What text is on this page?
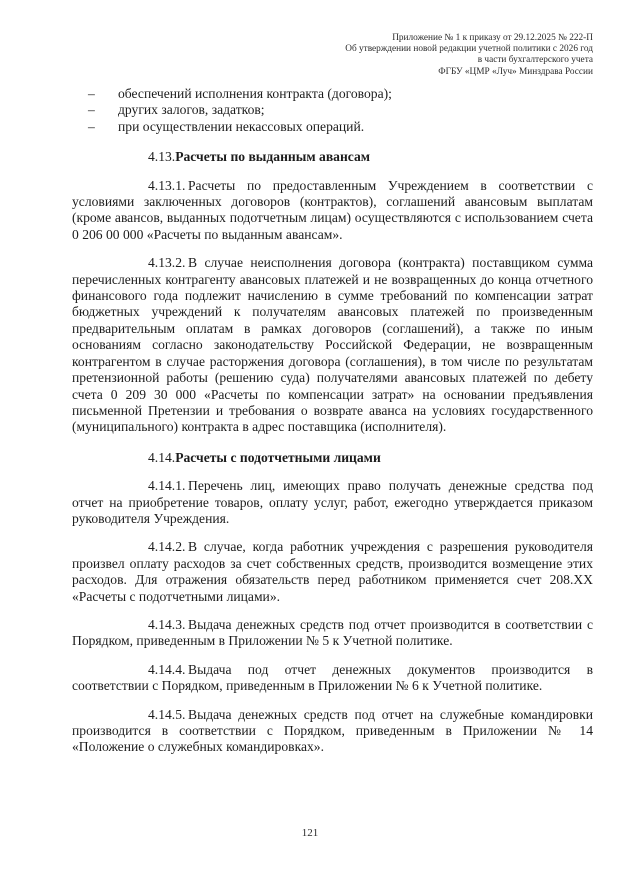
Приложение № 1 к приказу от 29.12.2025 № 222-П
Об утверждении новой редакции учетной политики с 2026 год
в части бухгалтерского учета
ФГБУ «ЦМР «Луч» Минздрава России
–	обеспечений исполнения контракта (договора);
–	других залогов, задатков;
–	при осуществлении некассовых операций.
4.13.Расчеты по выданным авансам

4.13.1. Расчеты по предоставленным Учреждением в соответствии с условиями заключенных договоров (контрактов), соглашений авансовым выплатам (кроме авансов, выданных подотчетным лицам) осуществляются с использованием счета 0 206 00 000 «Расчеты по выданным авансам».

4.13.2. В случае неисполнения договора (контракта) поставщиком сумма перечисленных контрагенту авансовых платежей и не возвращенных до конца отчетного финансового года подлежит начислению в сумме требований по компенсации затрат бюджетных учреждений к получателям авансовых платежей по произведенным предварительным оплатам в рамках договоров (соглашений), а также по иным основаниям согласно законодательству Российской Федерации, не возвращенным контрагентом в случае расторжения договора (соглашения), в том числе по результатам претензионной работы (решению суда) получателями авансовых платежей по дебету счета 0 209 30 000 «Расчеты по компенсации затрат» на основании предъявления письменной Претензии и требования о возврате аванса на условиях государственного (муниципального) контракта в адрес поставщика (исполнителя).

4.14.Расчеты с подотчетными лицами

4.14.1. Перечень лиц, имеющих право получать денежные средства под отчет на приобретение товаров, оплату услуг, работ, ежегодно утверждается приказом руководителя Учреждения.

4.14.2. В случае, когда работник учреждения с разрешения руководителя произвел оплату расходов за счет собственных средств, производится возмещение этих расходов. Для отражения обязательств перед работником применяется счет 208.ХХ «Расчеты с подотчетными лицами».

4.14.3. Выдача денежных средств под отчет производится в соответствии с Порядком, приведенным в Приложении № 5 к Учетной политике.

4.14.4. Выдача под отчет денежных документов производится в соответствии с Порядком, приведенным в Приложении № 6 к Учетной политике.

4.14.5. Выдача денежных средств под отчет на служебные командировки производится в соответствии с Порядком, приведенным в Приложении № 14 «Положение о служебных командировках».

121
